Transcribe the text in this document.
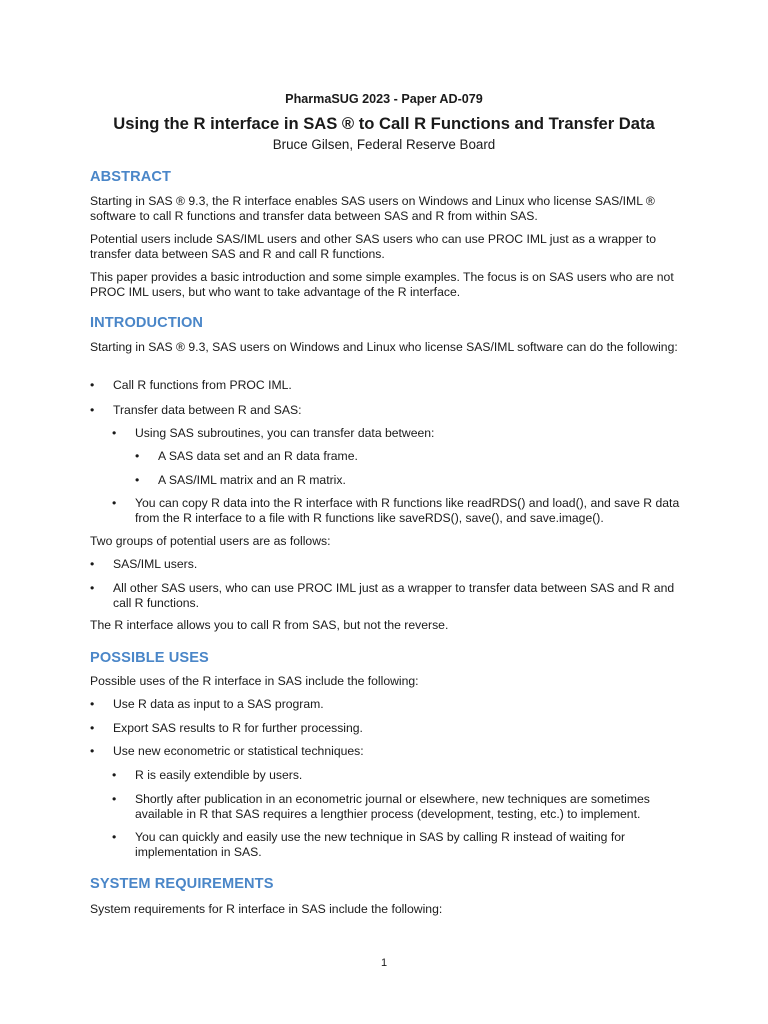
PharmaSUG 2023 - Paper AD-079
Using the R interface in SAS ® to Call R Functions and Transfer Data
Bruce Gilsen, Federal Reserve Board
ABSTRACT
Starting in SAS ® 9.3, the R interface enables SAS users on Windows and Linux who license SAS/IML ® software to call R functions and transfer data between SAS and R from within SAS.
Potential users include SAS/IML users and other SAS users who can use PROC IML just as a wrapper to transfer data between SAS and R and call R functions.
This paper provides a basic introduction and some simple examples. The focus is on SAS users who are not PROC IML users, but who want to take advantage of the R interface.
INTRODUCTION
Starting in SAS ® 9.3, SAS users on Windows and Linux who license SAS/IML software can do the following:
• Call R functions from PROC IML.
• Transfer data between R and SAS:
• Using SAS subroutines, you can transfer data between:
• A SAS data set and an R data frame.
• A SAS/IML matrix and an R matrix.
• You can copy R data into the R interface with R functions like readRDS() and load(), and save R data from the R interface to a file with R functions like saveRDS(), save(), and save.image().
Two groups of potential users are as follows:
• SAS/IML users.
• All other SAS users, who can use PROC IML just as a wrapper to transfer data between SAS and R and call R functions.
The R interface allows you to call R from SAS, but not the reverse.
POSSIBLE USES
Possible uses of the R interface in SAS include the following:
• Use R data as input to a SAS program.
• Export SAS results to R for further processing.
• Use new econometric or statistical techniques:
• R is easily extendible by users.
• Shortly after publication in an econometric journal or elsewhere, new techniques are sometimes available in R that SAS requires a lengthier process (development, testing, etc.) to implement.
• You can quickly and easily use the new technique in SAS by calling R instead of waiting for implementation in SAS.
SYSTEM REQUIREMENTS
System requirements for R interface in SAS include the following:
1
